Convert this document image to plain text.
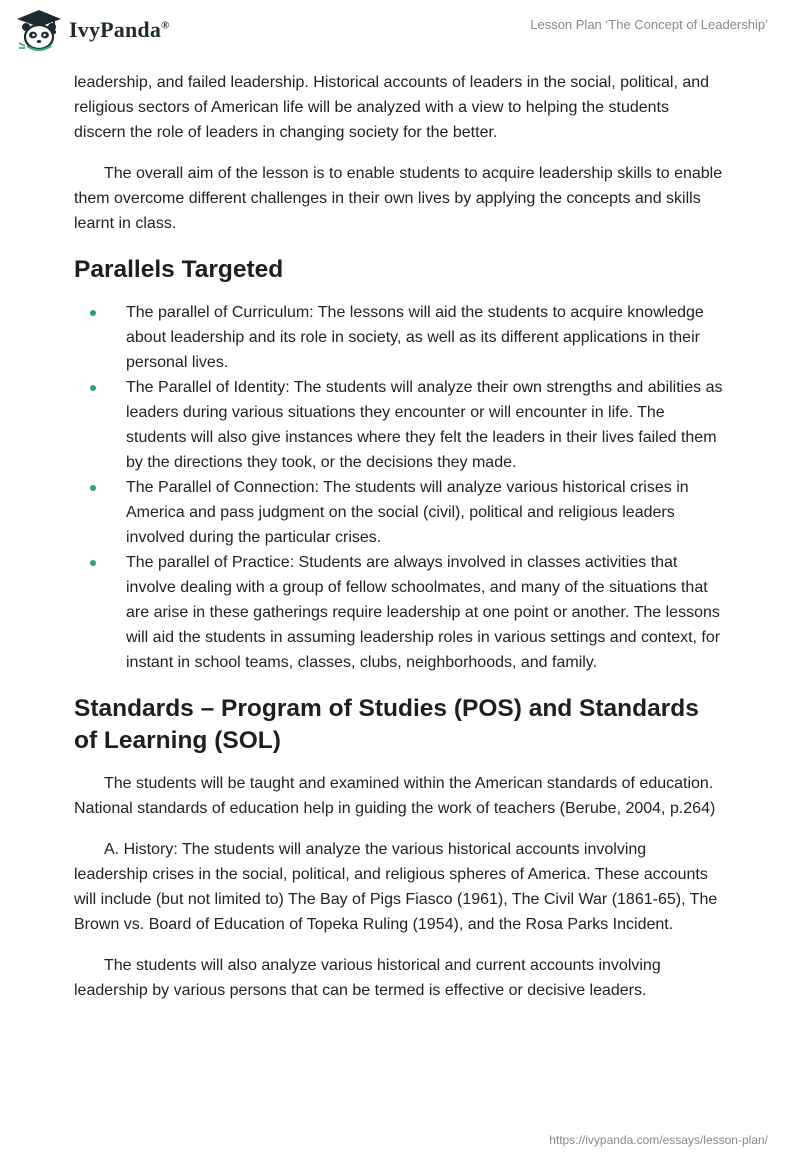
IvyPanda®	Lesson Plan ‘The Concept of Leadership’

leadership, and failed leadership. Historical accounts of leaders in the social, political, and religious sectors of American life will be analyzed with a view to helping the students discern the role of leaders in changing society for the better.

The overall aim of the lesson is to enable students to acquire leadership skills to enable them overcome different challenges in their own lives by applying the concepts and skills learnt in class.

Parallels Targeted
The parallel of Curriculum: The lessons will aid the students to acquire knowledge about leadership and its role in society, as well as its different applications in their personal lives.
The Parallel of Identity: The students will analyze their own strengths and abilities as leaders during various situations they encounter or will encounter in life. The students will also give instances where they felt the leaders in their lives failed them by the directions they took, or the decisions they made.
The Parallel of Connection: The students will analyze various historical crises in America and pass judgment on the social (civil), political and religious leaders involved during the particular crises.
The parallel of Practice: Students are always involved in classes activities that involve dealing with a group of fellow schoolmates, and many of the situations that are arise in these gatherings require leadership at one point or another. The lessons will aid the students in assuming leadership roles in various settings and context, for instant in school teams, classes, clubs, neighborhoods, and family.
Standards – Program of Studies (POS) and Standards of Learning (SOL)

The students will be taught and examined within the American standards of education. National standards of education help in guiding the work of teachers (Berube, 2004, p.264)

A. History: The students will analyze the various historical accounts involving leadership crises in the social, political, and religious spheres of America. These accounts will include (but not limited to) The Bay of Pigs Fiasco (1961), The Civil War (1861-65), The Brown vs. Board of Education of Topeka Ruling (1954), and the Rosa Parks Incident.

The students will also analyze various historical and current accounts involving leadership by various persons that can be termed is effective or decisive leaders.

https://ivypanda.com/essays/lesson-plan/
